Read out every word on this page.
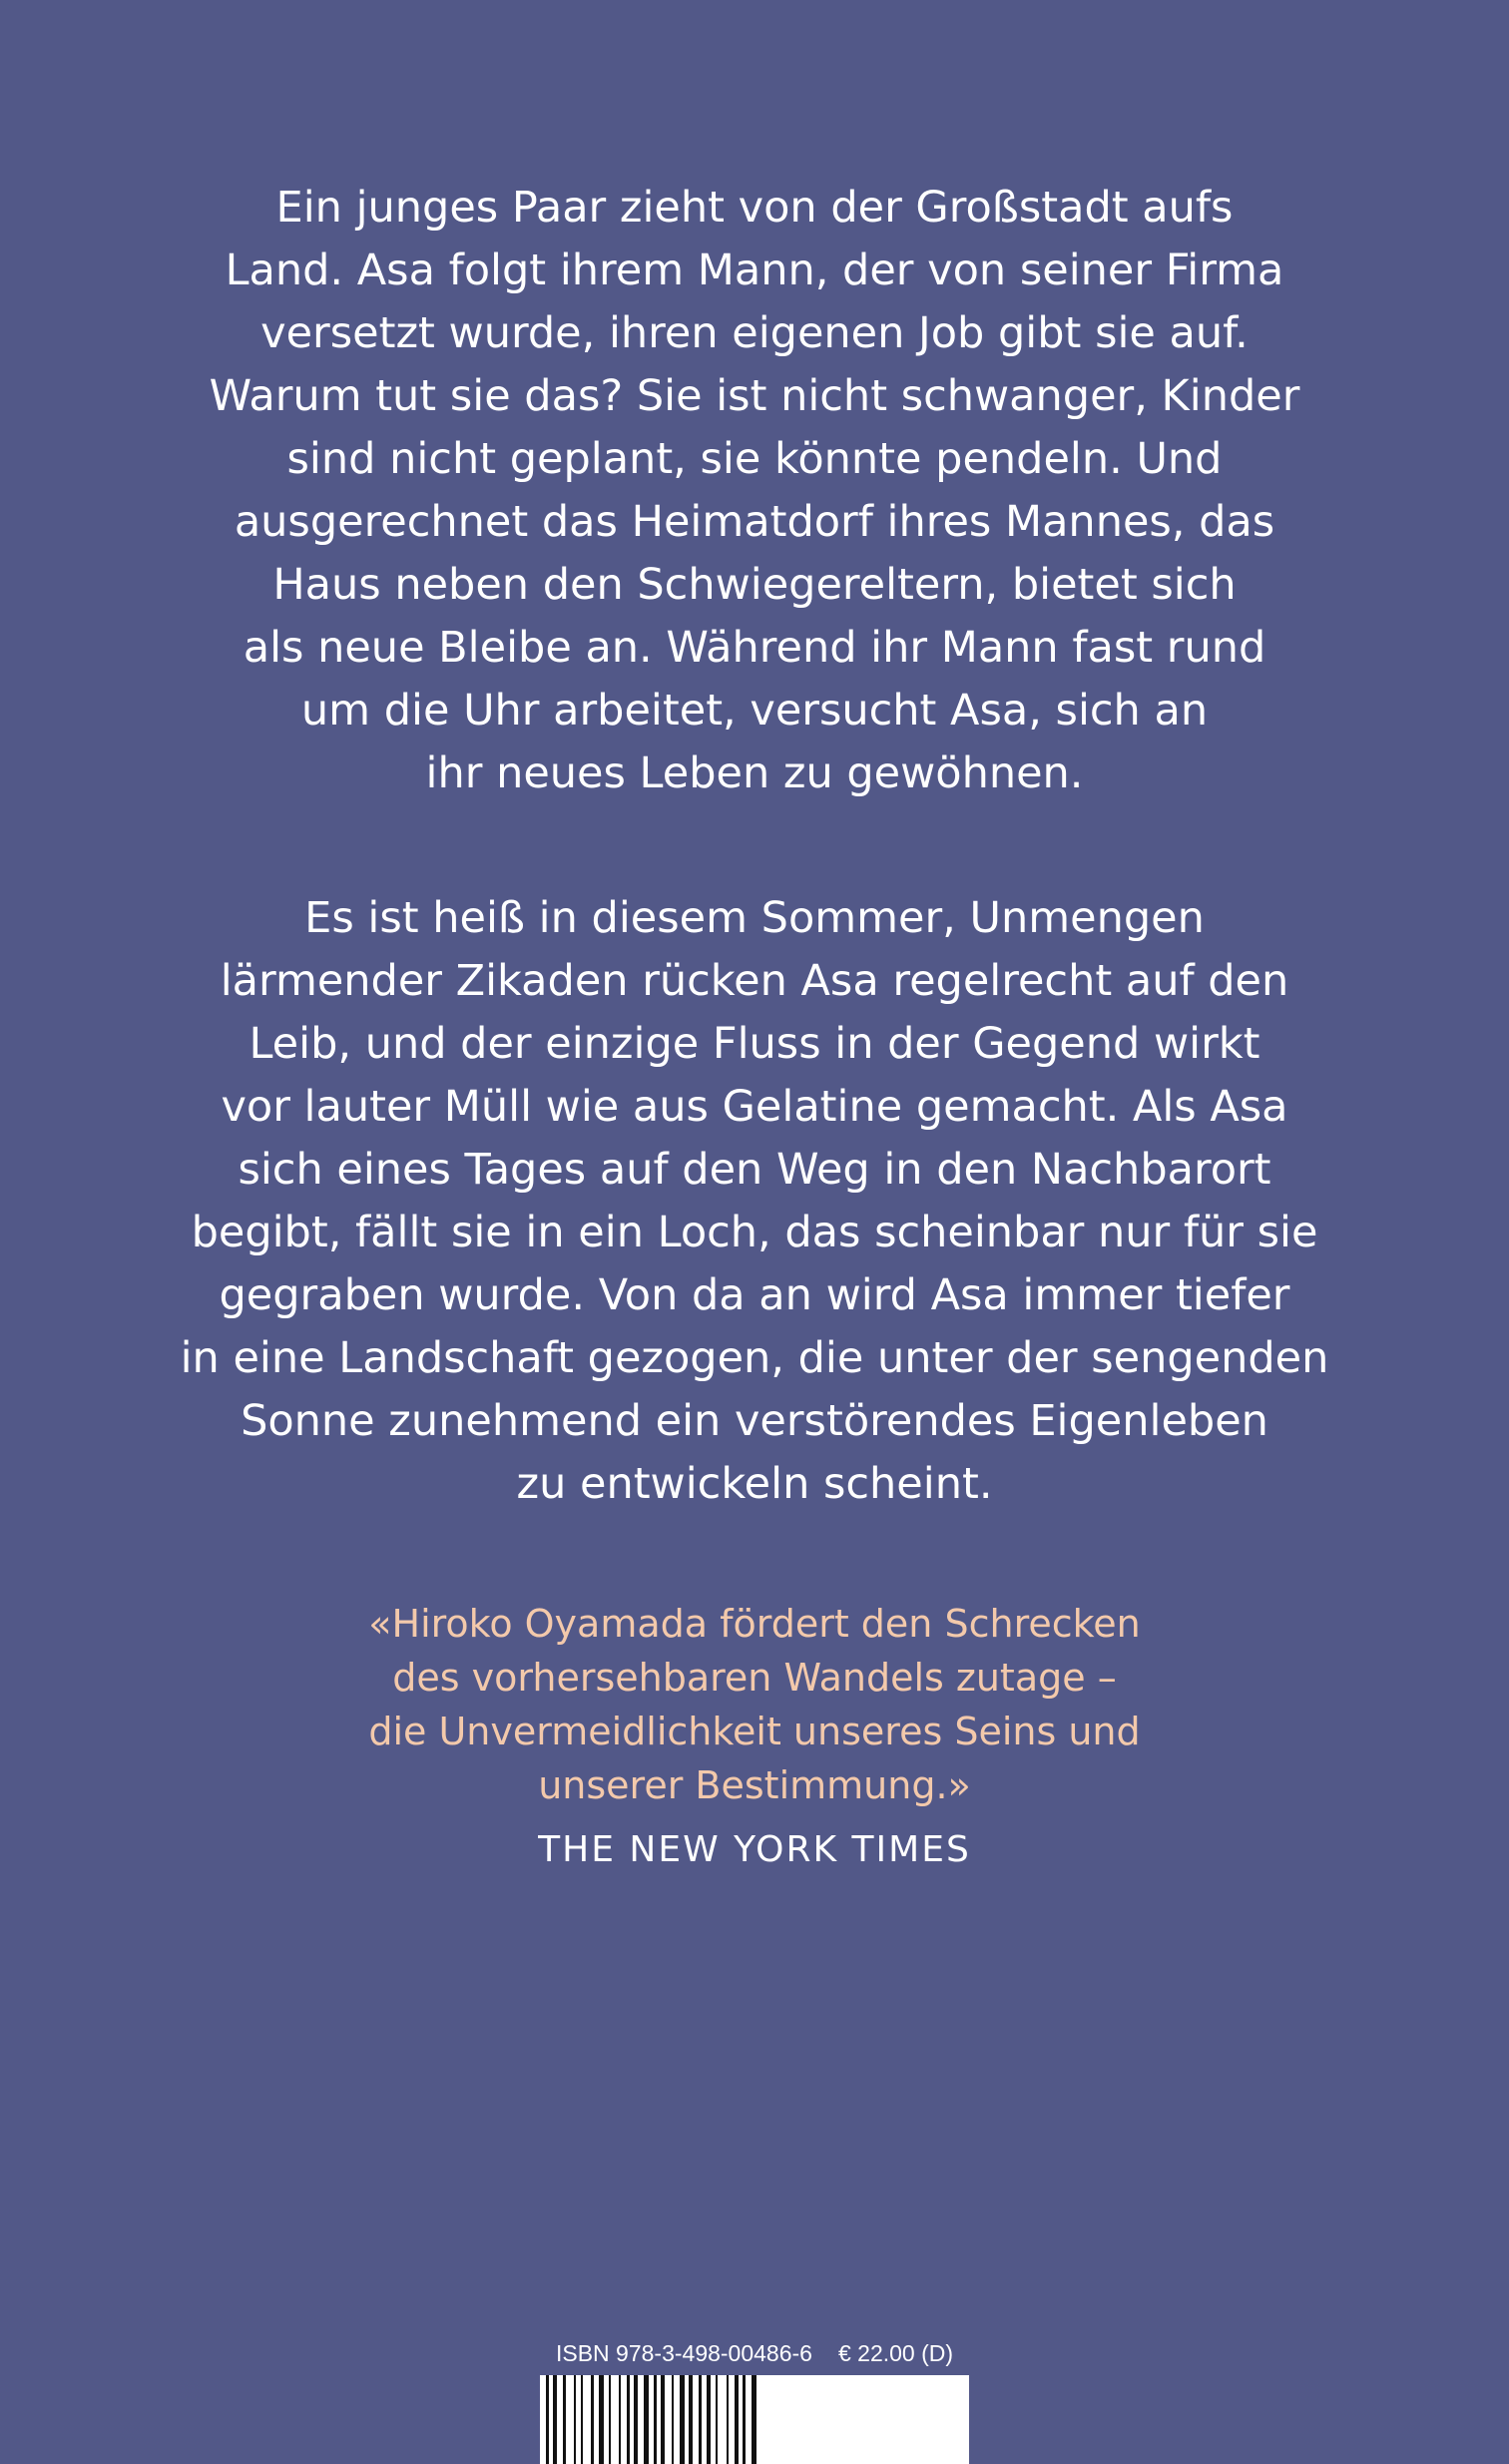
Ein junges Paar zieht von der Großstadt aufs
Land. Asa folgt ihrem Mann, der von seiner Firma
versetzt wurde, ihren eigenen Job gibt sie auf.
Warum tut sie das? Sie ist nicht schwanger, Kinder
sind nicht geplant, sie könnte pendeln. Und
ausgerechnet das Heimatdorf ihres Mannes, das
Haus neben den Schwiegereltern, bietet sich
als neue Bleibe an. Während ihr Mann fast rund
um die Uhr arbeitet, versucht Asa, sich an
ihr neues Leben zu gewöhnen.
Es ist heiß in diesem Sommer, Unmengen
lärmender Zikaden rücken Asa regelrecht auf den
Leib, und der einzige Fluss in der Gegend wirkt
vor lauter Müll wie aus Gelatine gemacht. Als Asa
sich eines Tages auf den Weg in den Nachbarort
begibt, fällt sie in ein Loch, das scheinbar nur für sie
gegraben wurde. Von da an wird Asa immer tiefer
in eine Landschaft gezogen, die unter der sengenden
Sonne zunehmend ein verstörendes Eigenleben
zu entwickeln scheint.
«Hiroko Oyamada fördert den Schrecken
des vorhersehbaren Wandels zutage –
die Unvermeidlichkeit unseres Seins und
unserer Bestimmung.»
THE NEW YORK TIMES
ISBN 978-3-498-00486-6 € 22.00 (D)
